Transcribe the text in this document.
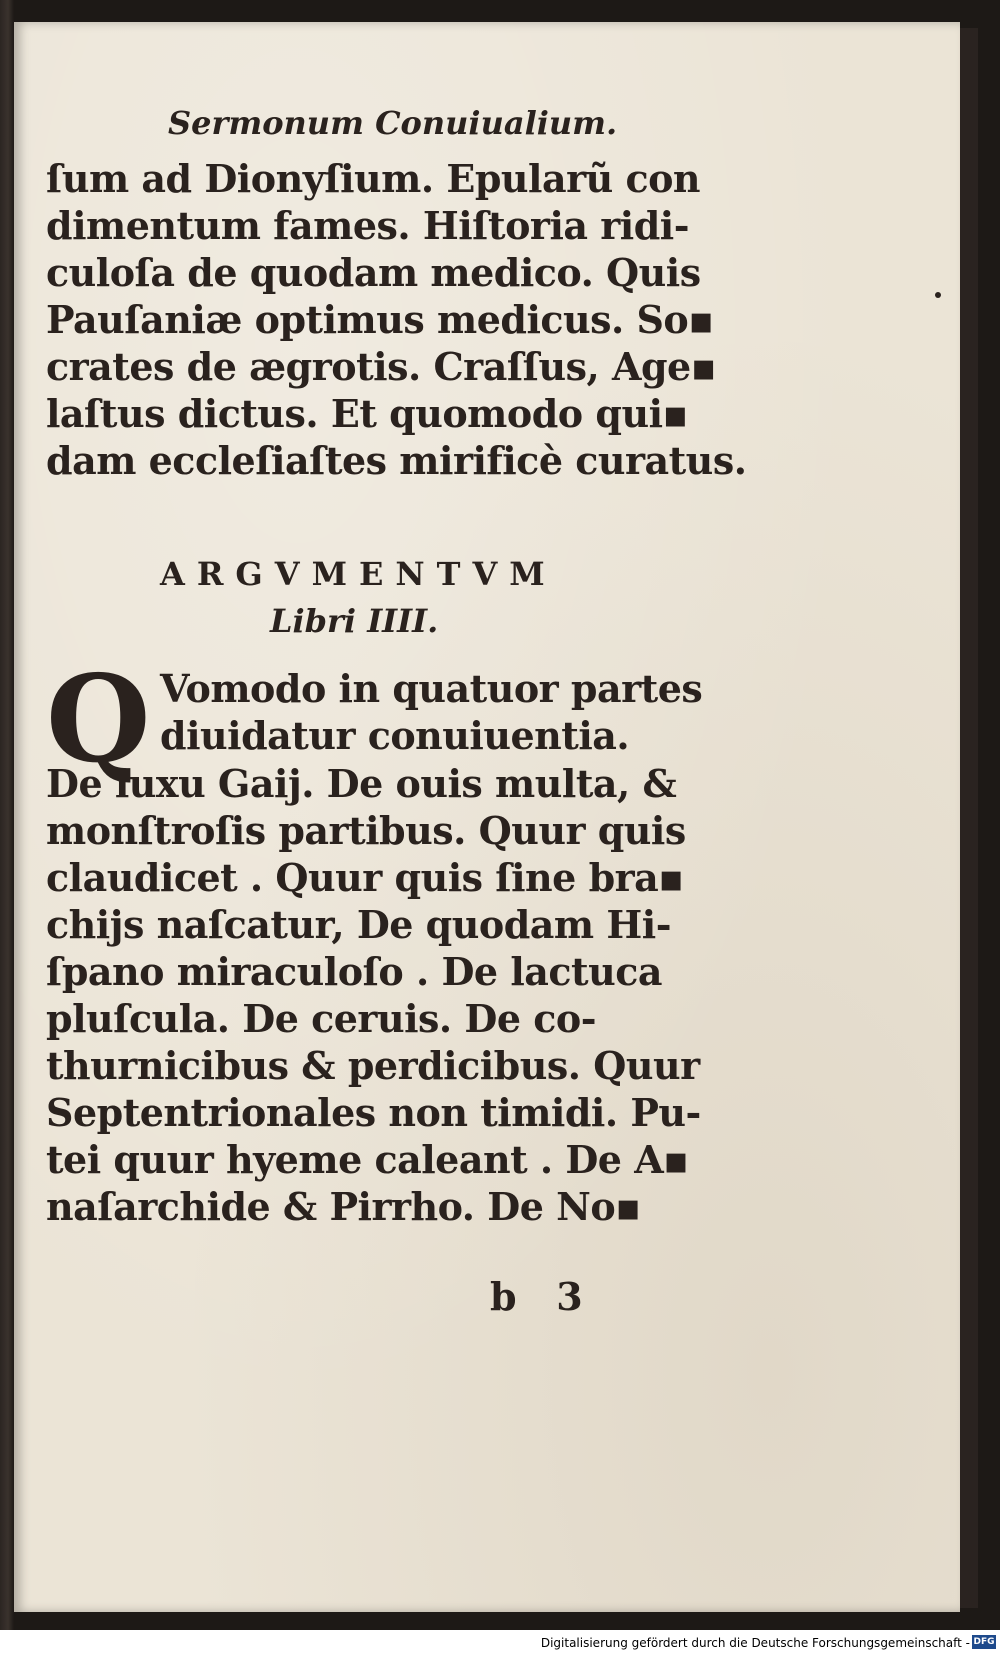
Sermonum Conuiualium.
ſum ad Dionyſium. Epularũ con
dimentum fames. Hiſtoria ridi-
culoſa de quodam medico. Quis
Pauſaniæ optimus medicus. So▪
crates de ægrotis. Craſſus, Age▪
laſtus dictus. Et quomodo qui▪
dam eccleſiaſtes mirificè curatus.
ARGVMENTVM
Libri IIII.
Q Vomodo in quatuor partes
diuidatur conuiuentia.
De luxu Gaij. De ouis multa, &
monſtroſis partibus. Quur quis
claudicet . Quur quis ſine bra▪
chijs naſcatur, De quodam Hi-
ſpano miraculoſo . De lactuca
pluſcula. De ceruis. De co-
thurnicibus & perdicibus. Quur
Septentrionales non timidi. Pu-
tei quur hyeme caleant . De A▪
naſarchide & Pirrho. De No▪
b   3
Digitalisierung gefördert durch die Deutsche Forschungsgemeinschaft - DFG
